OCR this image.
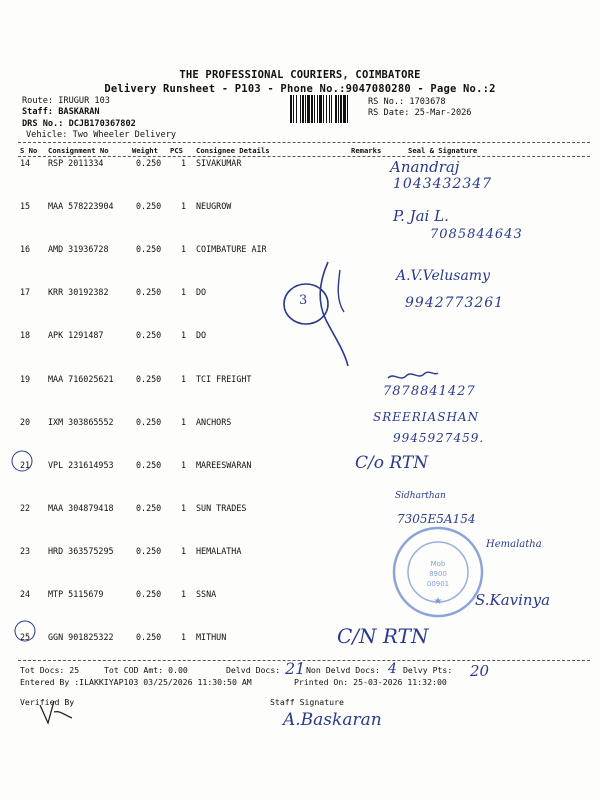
THE PROFESSIONAL COURIERS, COIMBATORE
Delivery Runsheet - P103 - Phone No.:9047080280 - Page No.:2
Route: IRUGUR 103
Staff: BASKARAN
DRS No.: DCJB170367802
Vehicle: Two Wheeler Delivery
RS No.: 1703678
RS Date: 25-Mar-2026
S No Consignment No	Weight PCS Consignee Details	Remarks	Seal & Signature
14 RSP 2011334	0.250 1 SIVAKUMAR
15 MAA 578223904	0.250 1 NEUGROW
16 AMD 31936728	0.250 1 COIMBATURE AIR
17 KRR 30192382	0.250 1 DO
18 APK 1291487	0.250 1 DO
19 MAA 716025621	0.250 1 TCI FREIGHT
20 IXM 303865552	0.250 1 ANCHORS
21 VPL 231614953	0.250 1 MAREESWARAN
22 MAA 304879418	0.250 1 SUN TRADES
23 HRD 363575295	0.250 1 HEMALATHA
24 MTP 5115679	0.250 1 SSNA
25 GGN 901825322	0.250 1 MITHUN
Tot Docs: 25	Tot COD Amt: 0.00	Delvd Docs:	Non Delvd Docs:	Delvy Pts:
Entered By :ILAKKIYAP103 03/25/2026 11:30:50 AM	Printed On: 25-03-2026 11:32:00
Verified By	Staff Signature
Mob
8900
00901
★
Anandraj
1043432347
P. Jai L.
7085844643
A.V.Velusamy
9942773261
7878841427
SREERIASHAN
9945927459.
C/o RTN
Sidharthan
7305E5A154
Hemalatha
S.Kavinya
C/N RTN
21	4	20
A.Baskaran
3
